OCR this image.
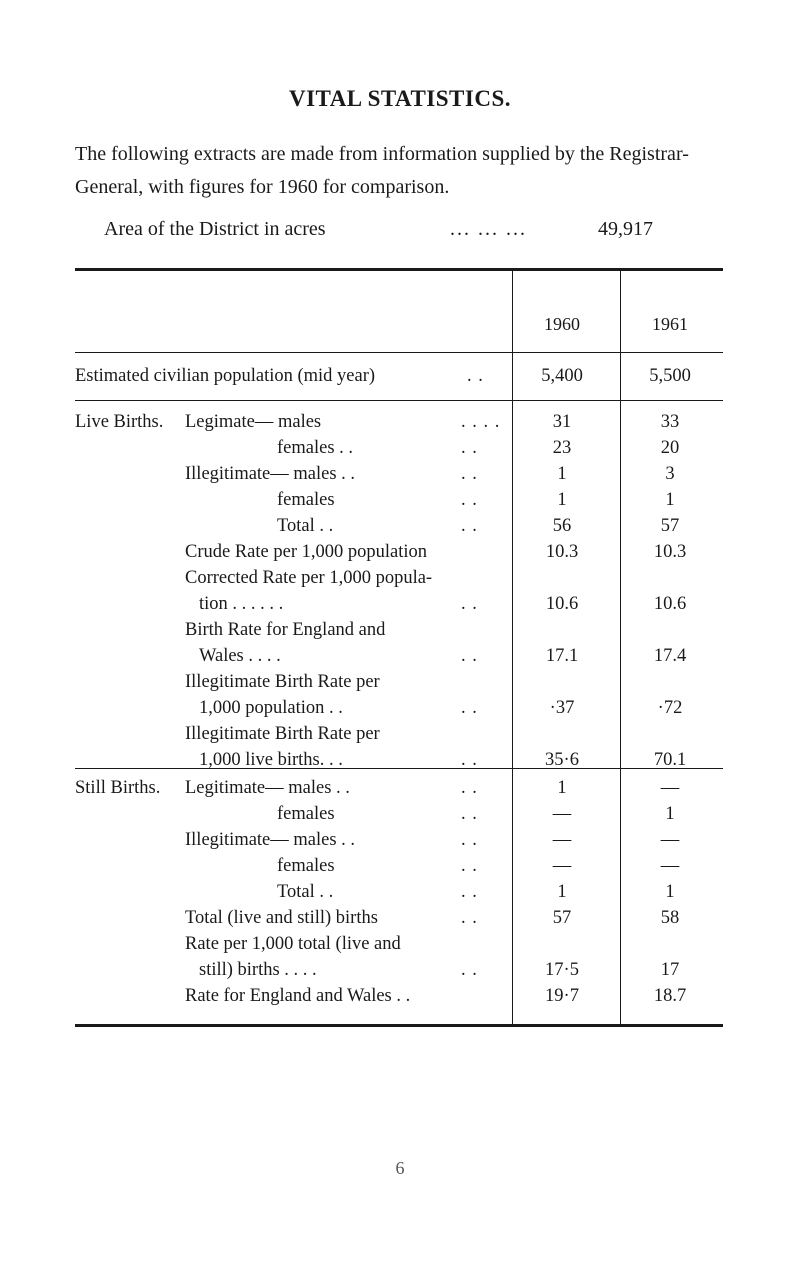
VITAL STATISTICS.
The following extracts are made from information supplied by the Registrar-General, with figures for 1960 for comparison.
Area of the District in acres	... ... ...	49,917
1960	1961
Estimated civilian population (mid year)	. .	5,400	5,500
Live Births. Legimate— males	. . . .	31	33
females . .	. .	23	20
Illegitimate— males . .	. .	1	3
females	. .	1	1
Total . .	. .	56	57
Crude Rate per 1,000 population	10.3	10.3
Corrected Rate per 1,000 popula-
tion . . . . . .	. .	10.6	10.6
Birth Rate for England and
Wales . . . .	. .	17.1	17.4
Illegitimate Birth Rate per
1,000 population . .	. .	·37	·72
Illegitimate Birth Rate per
1,000 live births. . .	. .	35·6	70.1
Still Births. Legitimate— males . .	. .	1	—
females	. .	—	1
Illegitimate— males . .	. .	—	—
females	. .	—	—
Total . .	. .	1	1
Total (live and still) births	. .	57	58
Rate per 1,000 total (live and
still) births . . . .	. .	17·5	17
Rate for England and Wales . .	19·7	18.7
6
